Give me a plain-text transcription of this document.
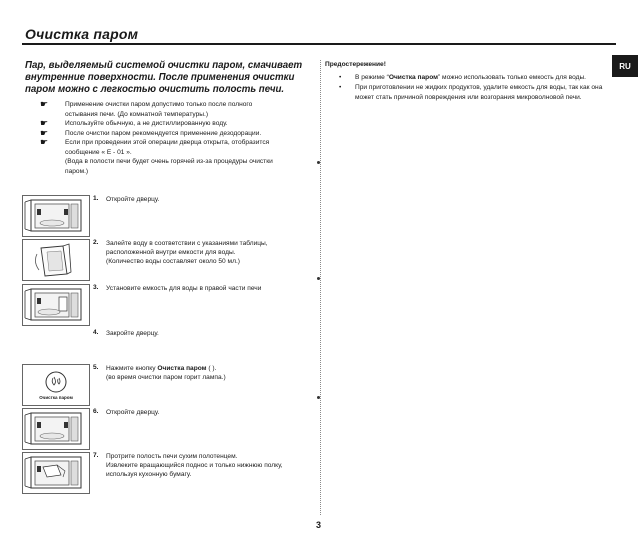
Очистка паром
RU
Пар, выделяемый системой очистки паром, смачивает внутренние поверхности. После применения очистки паром можно с легкостью очистить полость печи.
☛	Применение очистки паром допустимо только после полного
остывания печи. (До комнатной температуры.)
☛	Используйте обычную, а не дистиллированную воду.
☛	После очистки паром рекомендуется применение дезодорации.
☛	Если при проведении этой операции дверца открыта, отобразится
сообщение « E - 01 ».
(Вода в полости печи будет очень горячей из-за процедуры очистки
паром.)
Предостережение!
• В режиме “Очистка паром” можно использовать только емкость для воды.
• При приготовлении не жидких продуктов, удалите емкость для воды, так как она может стать причиной повреждения или возгорания микроволновой печи.
1. Откройте дверцу.
2. Залейте воду в соответствии с указаниями таблицы,
расположенной внутри емкости для воды.
(Количество воды составляет около 50 мл.)
3. Установите емкость для воды в правой части печи
4. Закройте дверцу.
Очистка паром
5. Нажмите кнопку Очистка паром ( ).
(во время очистки паром горит лампа.)
6. Откройте дверцу.
7. Протрите полость печи сухим полотенцем.
Извлеките вращающийся поднос и только нижнюю полку,
используя кухонную бумагу.
3
